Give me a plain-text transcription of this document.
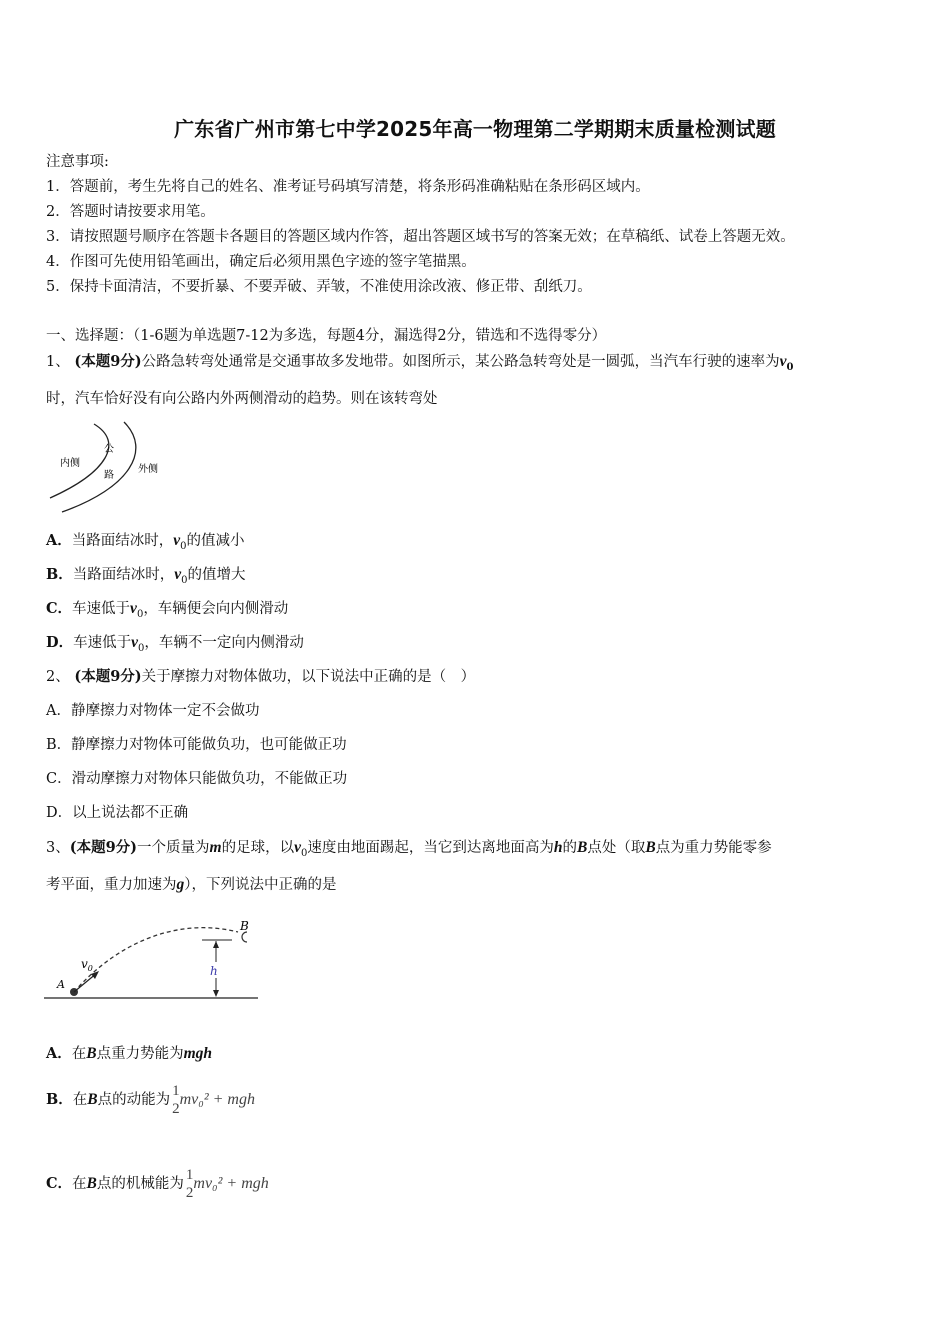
广东省广州市第七中学2025年高一物理第二学期期末质量检测试题
注意事项:
1．答题前，考生先将自己的姓名、准考证号码填写清楚，将条形码准确粘贴在条形码区域内。
2．答题时请按要求用笔。
3．请按照题号顺序在答题卡各题目的答题区域内作答，超出答题区域书写的答案无效；在草稿纸、试卷上答题无效。
4．作图可先使用铅笔画出，确定后必须用黑色字迹的签字笔描黑。
5．保持卡面清洁，不要折暴、不要弄破、弄皱，不准使用涂改液、修正带、刮纸刀。
一、选择题：（1-6题为单选题7-12为多选，每题4分，漏选得2分，错选和不选得零分）
1、 (本题9分)公路急转弯处通常是交通事故多发地带。如图所示，某公路急转弯处是一圆弧，当汽车行驶的速率为$v_0$
时，汽车恰好没有向公路内外两侧滑动的趋势。则在该转弯处
内侧
公
路
外侧
A．当路面结冰时，$v_0$的值减小
B．当路面结冰时，$v_0$的值增大
C．车速低于$v_0$，车辆便会向内侧滑动
D．车速低于$v_0$，车辆不一定向内侧滑动
2、 (本题9分)关于摩擦力对物体做功，以下说法中正确的是（　）
A．静摩擦力对物体一定不会做功
B．静摩擦力对物体可能做负功，也可能做正功
C．滑动摩擦力对物体只能做负功，不能做正功
D．以上说法都不正确
3、(本题9分)一个质量为m的足球，以$v_0$速度由地面踢起，当它到达离地面高为h的B点处（取B点为重力势能零参
考平面，重力加速为g），下列说法中正确的是
$v_0$
A
B
h
A．在B点重力势能为mgh
B．在B点的动能为
1
2
mv₀² + mgh
C．在B点的机械能为
1
2
mv₀² + mgh
